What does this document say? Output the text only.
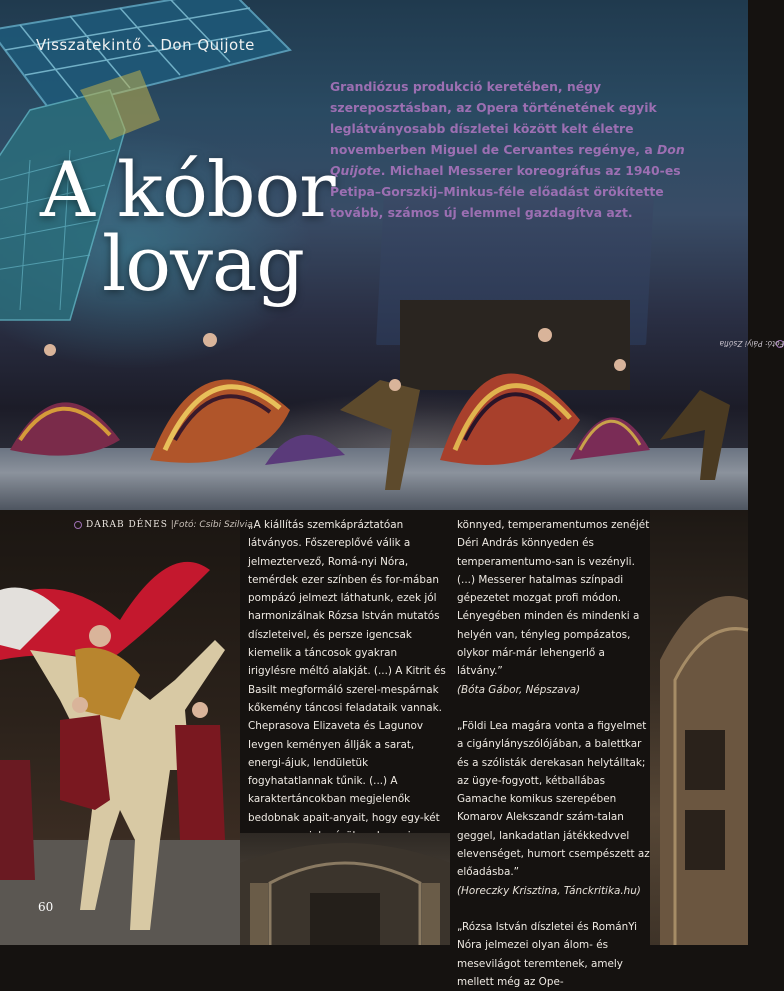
Visszatekintő – Don Quijote
A kóbor

lovag
Grandiózus produkció keretében, négy szereposztásban, az Opera történetének egyik leglátványosabb díszletei között kelt életre novemberben Miguel de Cervantes regénye, a Don Quijote. Michael Messerer koreográfus az 1940-es Petipa–Gorszkij–Minkus-féle előadást örökítette tovább, számos új elemmel gazdagítva azt.
Fotó: Pályi Zsófia
DARAB DÉNES |Fotó: Csibi Szilvia

„A kiállítás szemkápráztatóan látványos. Főszereplővé válik a jelmeztervező, Romá-nyi Nóra, temérdek ezer színben és for-mában pompázó jelmezt láthatunk, ezek jól harmonizálnak Rózsa István mutatós díszleteivel, és persze igencsak kiemelik a táncosok gyakran irigylésre méltó alakját. (...) A Kitrit és Basilt megformáló szerel-mespárnak kőkemény táncosi feladataik vannak. Cheprasova Elizaveta és Lagunov Ievgen keményen állják a sarat, energi-ájuk, lendületük fogyhatatlannak tűnik. (...) A karaktertáncokban megjelenők bedobnak apait-anyait, hogy egy-két

könnyed, temperamentumos zenéjét Déri András könnyeden és temperamentumo-san is vezényli. (...) Messerer hatalmas színpadi gépezetet mozgat profi módon. Lényegében minden és mindenki a helyén van, tényleg pompázatos, olykor már-már lehengerlő a látvány.”

(Bóta Gábor, Népszava)

„Földi Lea magára vonta a figyelmet a cigánylányszólójában, a balettkar és a szólisták derekasan helytálltak; az ügye-fogyott, kétballábas Gamache komikus szerepében Komarov Alekszandr szám-talan geggel, lankadatlan játékkedvvel elevenséget, humort csempészett az előadásba.”

(Horeczky Krisztina, Tánckritika.hu)

„Rózsa István díszletei és RománYi Nóra jelmezei olyan álom- és mesevilágot teremtenek, amely mellett még az Ope-

60
